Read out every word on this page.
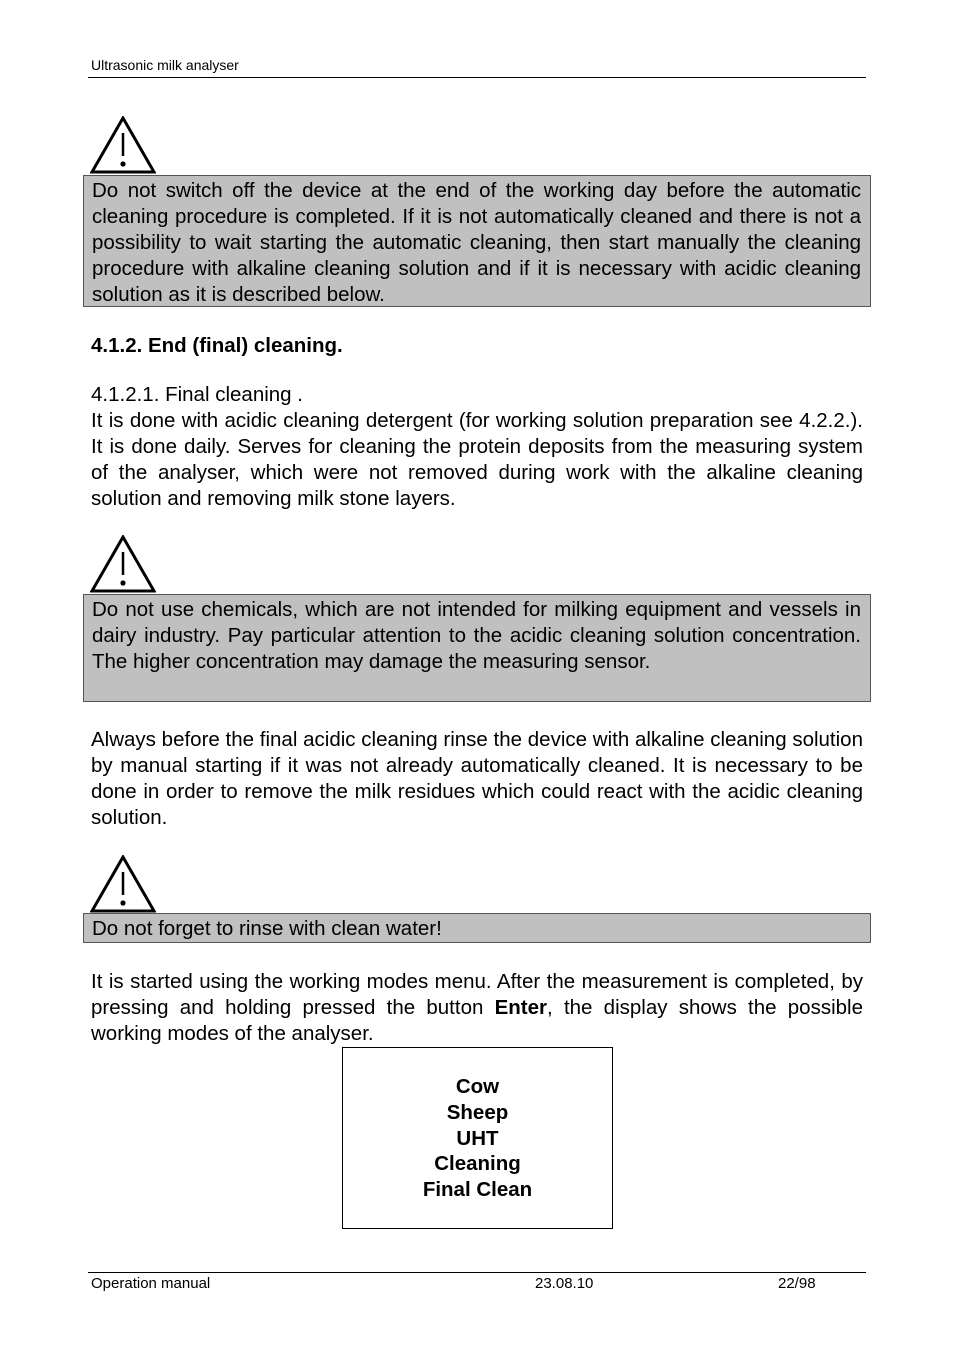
Ultrasonic milk analyser

Do not switch off the device at the end of the working day before the automatic cleaning procedure is completed. If it is not automatically cleaned and there is not a possibility to wait starting the automatic cleaning, then start manually the cleaning procedure with alkaline cleaning solution and if it is necessary with acidic cleaning solution as it is described below.

4.1.2. End (final) cleaning.

4.1.2.1. Final cleaning .

It is done with acidic cleaning detergent (for working solution preparation see 4.2.2.). It is done daily. Serves for cleaning the protein deposits from the measuring system of the analyser, which were not removed during work with the alkaline cleaning solution and removing milk stone layers.

Do not use chemicals, which are not intended for milking equipment and vessels in dairy industry. Pay particular attention to the acidic cleaning solution concentration. The higher concentration may damage the measuring sensor.

Always before the final acidic cleaning rinse the device with alkaline cleaning solution by manual starting if it was not already automatically cleaned. It is necessary to be done in order to remove the milk residues which could react with the acidic cleaning solution.

Do not forget to rinse with clean water!

It is started using the working modes menu. After the measurement is completed, by pressing and holding pressed the button Enter, the display shows the possible working modes of the analyser.

Cow
Sheep
UHT
Cleaning
Final Clean
Operation manual	23.08.10	22/98
